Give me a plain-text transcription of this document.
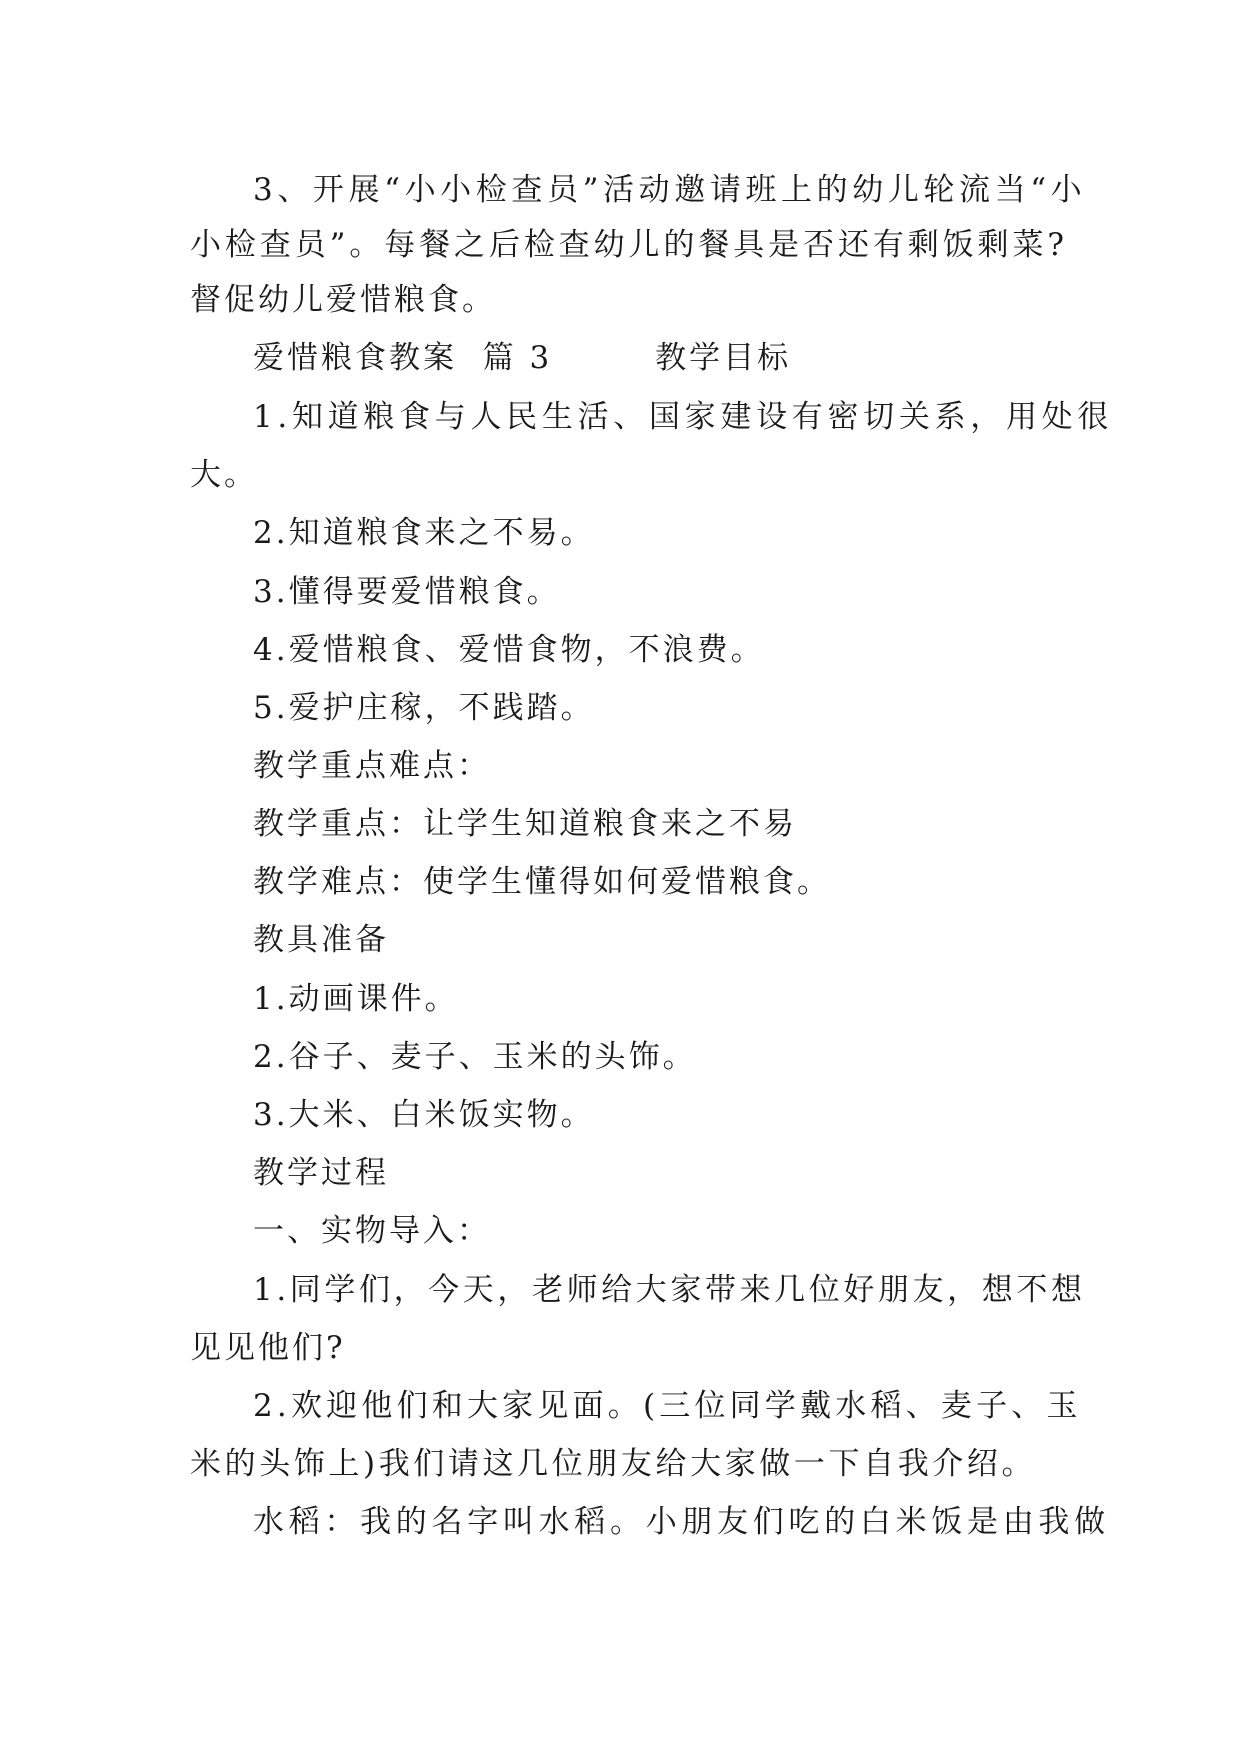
3、开展“小小检查员”活动邀请班上的幼儿轮流当“小
小检查员”。每餐之后检查幼儿的餐具是否还有剩饭剩菜?
督促幼儿爱惜粮食。
爱惜粮食教案  篇 3        教学目标
1.知道粮食与人民生活、国家建设有密切关系，用处很
大。
2.知道粮食来之不易。
3.懂得要爱惜粮食。
4.爱惜粮食、爱惜食物，不浪费。
5.爱护庄稼，不践踏。
教学重点难点：
教学重点：让学生知道粮食来之不易
教学难点：使学生懂得如何爱惜粮食。
教具准备
1.动画课件。
2.谷子、麦子、玉米的头饰。
3.大米、白米饭实物。
教学过程
一、实物导入：
1.同学们，今天，老师给大家带来几位好朋友，想不想
见见他们?
2.欢迎他们和大家见面。(三位同学戴水稻、麦子、玉
米的头饰上)我们请这几位朋友给大家做一下自我介绍。
水稻：我的名字叫水稻。小朋友们吃的白米饭是由我做
